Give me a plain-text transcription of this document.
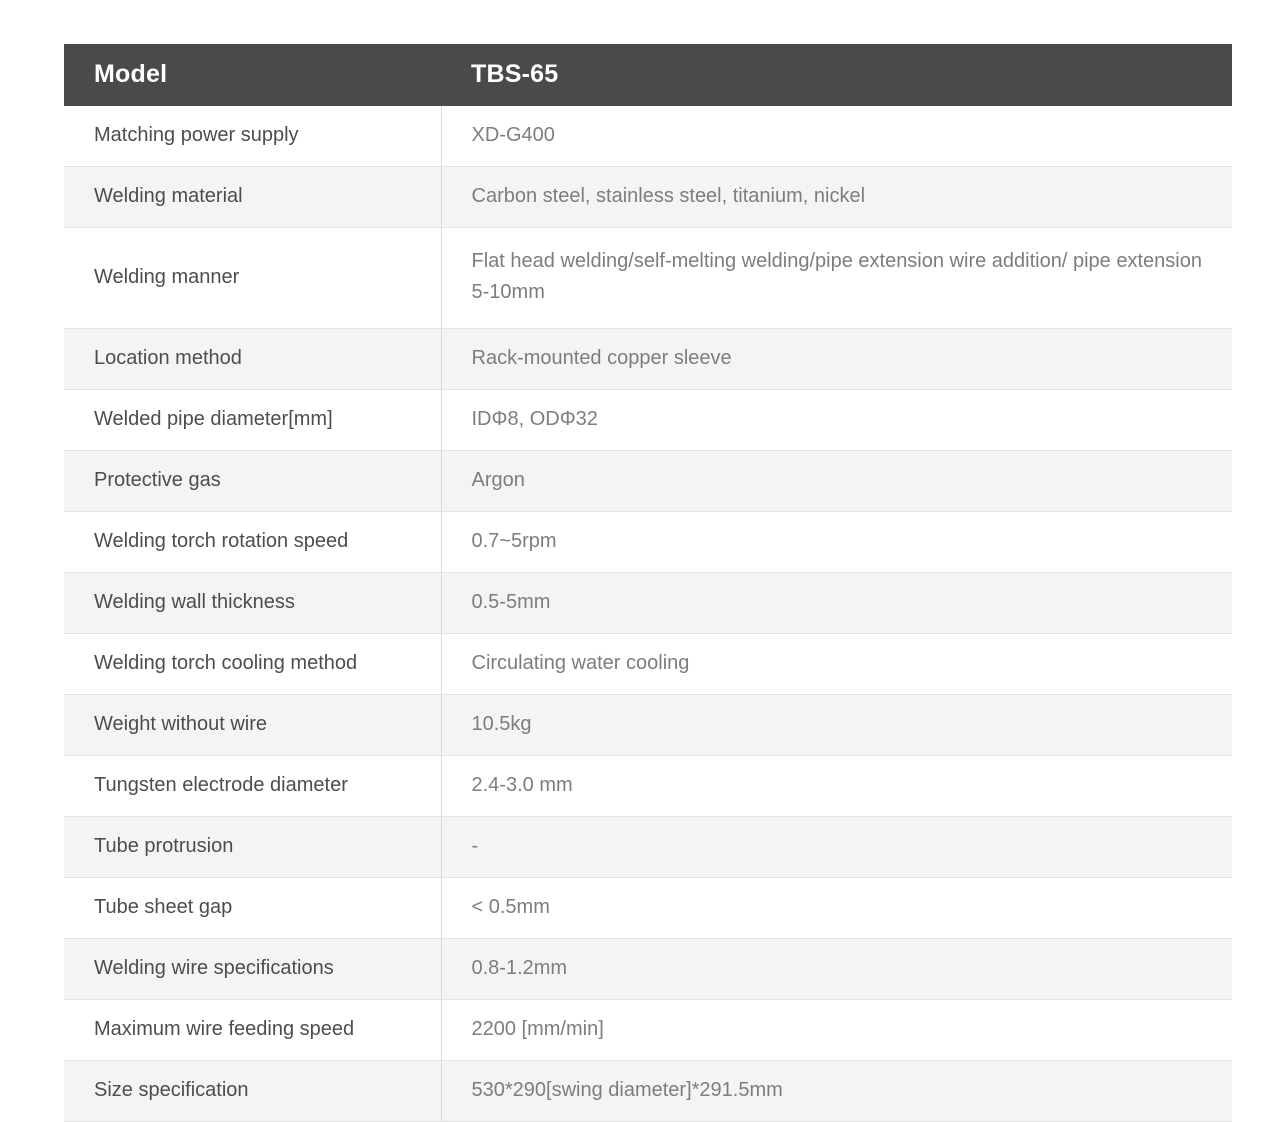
Model	TBS-65
Matching power supply	XD-G400
Welding material	Carbon steel, stainless steel, titanium, nickel
Welding manner	Flat head welding/self-melting welding/pipe extension wire addition/ pipe extension 5-10mm
Location method	Rack-mounted copper sleeve
Welded pipe diameter[mm]	IDΦ8, ODΦ32
Protective gas	Argon
Welding torch rotation speed	0.7~5rpm
Welding wall thickness	0.5-5mm
Welding torch cooling method	Circulating water cooling
Weight without wire	10.5kg
Tungsten electrode diameter	2.4-3.0 mm
Tube protrusion	-
Tube sheet gap	< 0.5mm
Welding wire specifications	0.8-1.2mm
Maximum wire feeding speed	2200 [mm/min]
Size specification	530*290[swing diameter]*291.5mm
